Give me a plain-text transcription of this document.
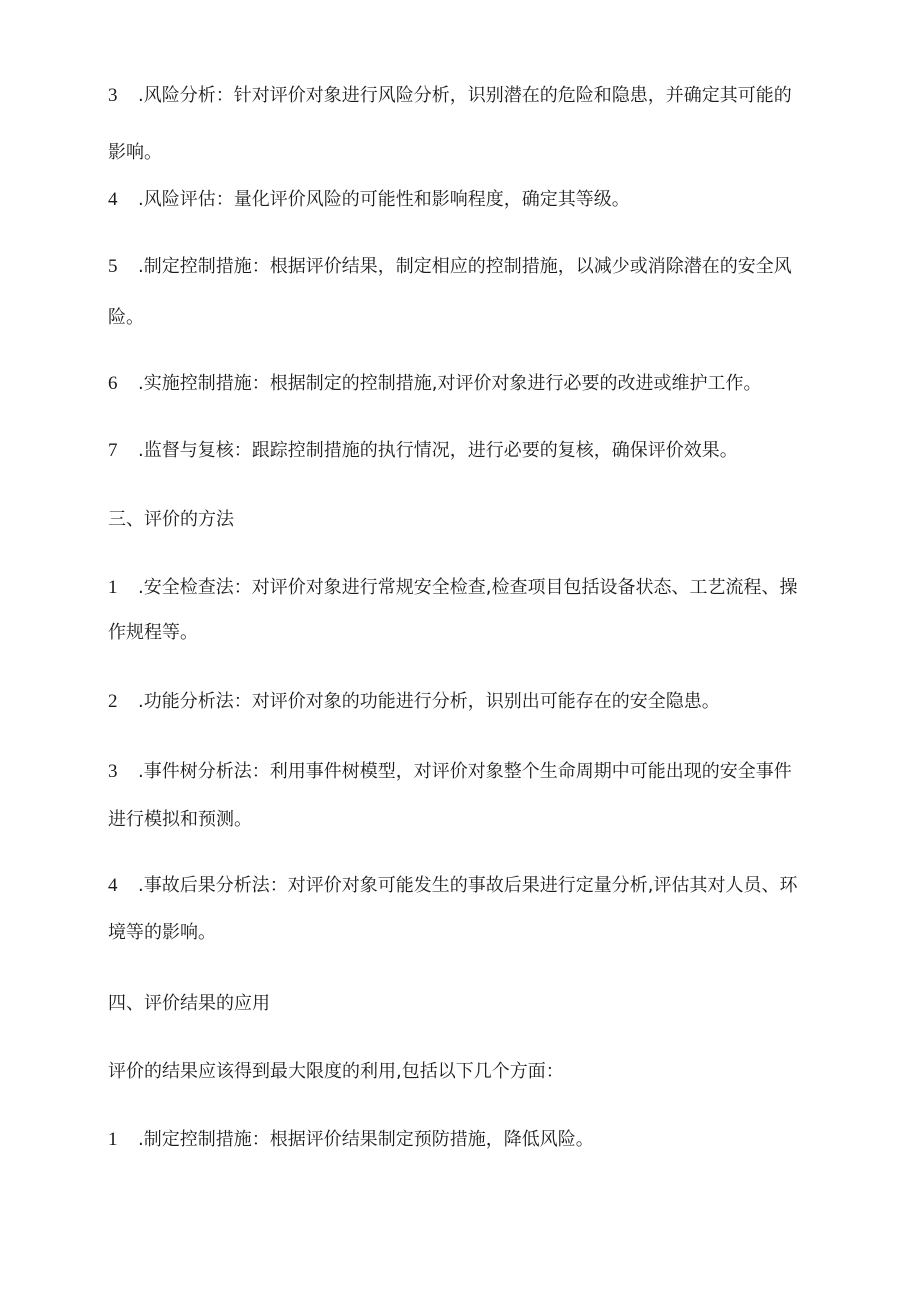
3 .风险分析：针对评价对象进行风险分析，识别潜在的危险和隐患，并确定其可能的
影响。
4 .风险评估：量化评价风险的可能性和影响程度，确定其等级。
5 .制定控制措施：根据评价结果，制定相应的控制措施，以减少或消除潜在的安全风
险。
6 .实施控制措施：根据制定的控制措施,对评价对象进行必要的改进或维护工作。
7 .监督与复核：跟踪控制措施的执行情况，进行必要的复核，确保评价效果。
三、评价的方法
1 .安全检查法：对评价对象进行常规安全检查,检查项目包括设备状态、工艺流程、操
作规程等。
2 .功能分析法：对评价对象的功能进行分析，识别出可能存在的安全隐患。
3 .事件树分析法：利用事件树模型，对评价对象整个生命周期中可能出现的安全事件
进行模拟和预测。
4 .事故后果分析法：对评价对象可能发生的事故后果进行定量分析,评估其对人员、环
境等的影响。
四、评价结果的应用
评价的结果应该得到最大限度的利用,包括以下几个方面：
1 .制定控制措施：根据评价结果制定预防措施，降低风险。
